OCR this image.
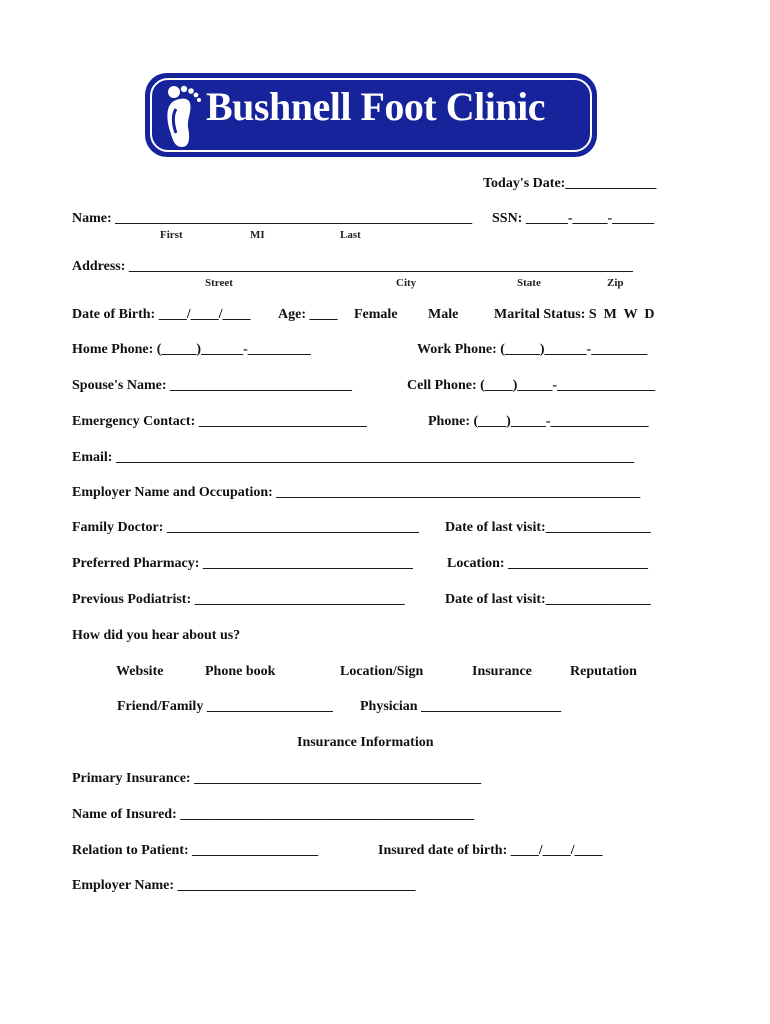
Bushnell Foot Clinic
Today's Date:_____________
Name: ___________________________________________________ SSN: ______-_____-______
First	MI	Last
Address: ________________________________________________________________________
Street	City	State	Zip
Date of Birth: ____/____/____ Age: ____ Female Male	Marital Status: S  M  W  D
Home Phone: (_____)______-_________	Work Phone: (_____)______-________
Spouse's Name: __________________________	Cell Phone: (____)_____-______________
Emergency Contact: ________________________	Phone: (____)_____-______________
Email: __________________________________________________________________________
Employer Name and Occupation: ____________________________________________________
Family Doctor: ____________________________________ Date of last visit:_______________
Preferred Pharmacy: ______________________________ Location: ____________________
Previous Podiatrist: ______________________________	Date of last visit:_______________
How did you hear about us?
Website	Phone book	Location/Sign	Insurance	Reputation
Friend/Family __________________ Physician ____________________
Insurance Information
Primary Insurance: _________________________________________
Name of Insured: __________________________________________
Relation to Patient: __________________	Insured date of birth: ____/____/____
Employer Name: __________________________________
